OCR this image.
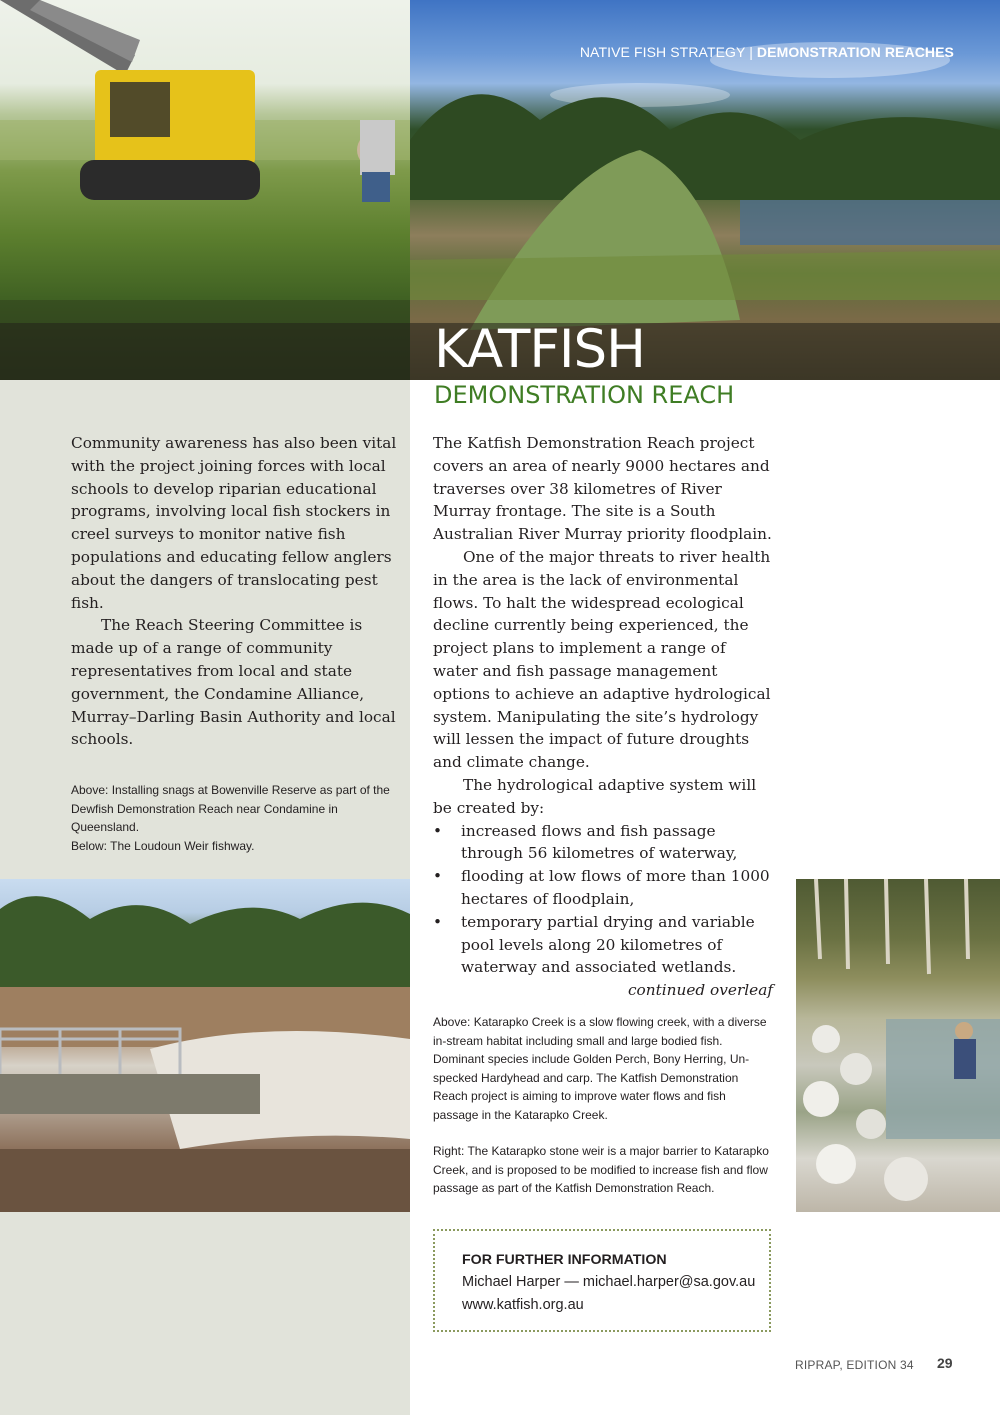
NATIVE FISH STRATEGY | DEMONSTRATION REACHES
KATFISH
DEMONSTRATION REACH

Community awareness has also been vital with the project joining forces with local schools to develop riparian educational programs, involving local fish stockers in creel surveys to monitor native fish populations and educating fellow anglers about the dangers of translocating pest fish.

The Reach Steering Committee is made up of a range of community representatives from local and state government, the Condamine Alliance, Murray–Darling Basin Authority and local schools.

Above: Installing snags at Bowenville Reserve as part of the Dewfish Demonstration Reach near Condamine in Queensland.

Below: The Loudoun Weir fishway.

The Katfish Demonstration Reach project covers an area of nearly 9000 hectares and traverses over 38 kilometres of River Murray frontage. The site is a South Australian River Murray priority floodplain.

One of the major threats to river health in the area is the lack of environmental flows. To halt the widespread ecological decline currently being experienced, the project plans to implement a range of water and fish passage management options to achieve an adaptive hydrological system. Manipulating the site’s hydrology will lessen the impact of future droughts and climate change.

The hydrological adaptive system will be created by:

• increased flows and fish passage through 56 kilometres of waterway,
• flooding at low flows of more than 1000 hectares of floodplain,
• temporary partial drying and variable pool levels along 20 kilometres of waterway and associated wetlands.
continued overleaf

Above: Katarapko Creek is a slow flowing creek, with a diverse in-stream habitat including small and large bodied fish. Dominant species include Golden Perch, Bony Herring, Un-specked Hardyhead and carp. The Katfish Demonstration Reach project is aiming to improve water flows and fish passage in the Katarapko Creek.

Right: The Katarapko stone weir is a major barrier to Katarapko Creek, and is proposed to be modified to increase fish and flow passage as part of the Katfish Demonstration Reach.

FOR FURTHER INFORMATION
Michael Harper — michael.harper@sa.gov.au
www.katfish.org.au
RIPRAP, EDITION 34 29
